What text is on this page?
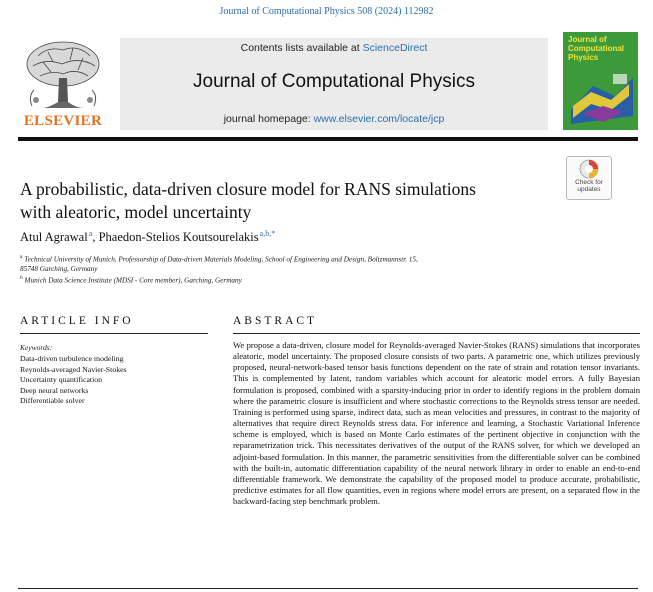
Journal of Computational Physics 508 (2024) 112982
ELSEVIER
Contents lists available at ScienceDirect
Journal of Computational Physics
journal homepage: www.elsevier.com/locate/jcp
Journal of Computational Physics
Check for
updates
A probabilistic, data-driven closure model for RANS simulations
with aleatoric, model uncertainty
Atul Agrawal $^a$, Phaedon-Stelios Koutsourelakis $^{a,b,*}$
$^a$ Technical University of Munich, Professorship of Data-driven Materials Modeling, School of Engineering and Design, Boltzmannstr. 15,
85748 Garching, Germany
$^b$ Munich Data Science Institute (MDSI - Core member), Garching, Germany
ARTICLE INFO
Keywords:
Data-driven turbulence modeling
Reynolds-averaged Navier-Stokes
Uncertainty quantification
Deep neural networks
Differentiable solver
ABSTRACT
We propose a data-driven, closure model for Reynolds-averaged Navier-Stokes (RANS) simulations that incorporates aleatoric, model uncertainty. The proposed closure consists of two parts. A parametric one, which utilizes previously proposed, neural-network-based tensor basis functions dependent on the rate of strain and rotation tensor invariants. This is complemented by latent, random variables which account for aleatoric model errors. A fully Bayesian formulation is proposed, combined with a sparsity-inducing prior in order to identify regions in the problem domain where the parametric closure is insufficient and where stochastic corrections to the Reynolds stress tensor are needed. Training is performed using sparse, indirect data, such as mean velocities and pressures, in contrast to the majority of alternatives that require direct Reynolds stress data. For inference and learning, a Stochastic Variational Inference scheme is employed, which is based on Monte Carlo estimates of the pertinent objective in conjunction with the reparametrization trick. This necessitates derivatives of the output of the RANS solver, for which we developed an adjoint-based formulation. In this manner, the parametric sensitivities from the differentiable solver can be combined with the built-in, automatic differentiation capability of the neural network library in order to enable an end-to-end differentiable framework. We demonstrate the capability of the proposed model to produce accurate, probabilistic, predictive estimates for all flow quantities, even in regions where model errors are present, on a separated flow in the backward-facing step benchmark problem.
